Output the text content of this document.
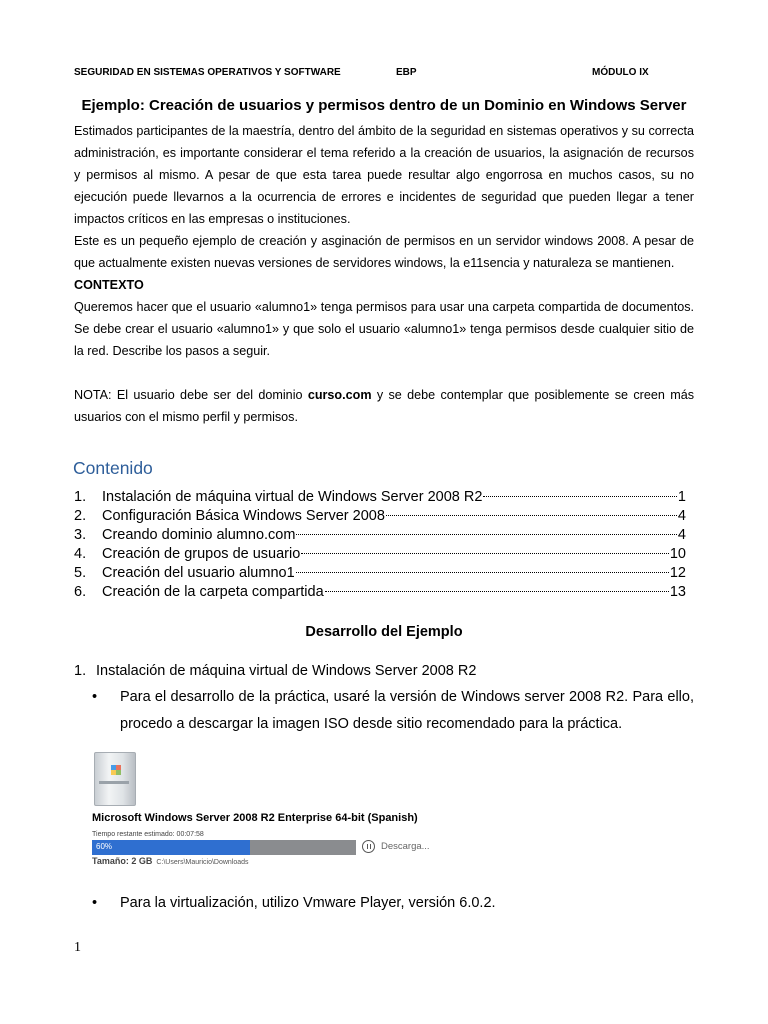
SEGURIDAD EN SISTEMAS OPERATIVOS Y SOFTWARE	EBP	MÓDULO IX
Ejemplo: Creación de usuarios y permisos dentro de un Dominio en Windows Server

Estimados participantes de la maestría, dentro del ámbito de la seguridad en sistemas operativos y su correcta administración, es importante considerar el tema referido a la creación de usuarios, la asignación de recursos y permisos al mismo. A pesar de que esta tarea puede resultar algo engorrosa en muchos casos, su no ejecución puede llevarnos a la ocurrencia de errores e incidentes de seguridad que pueden llegar a tener impactos críticos en las empresas o instituciones.

Este es un pequeño ejemplo de creación y asginación de permisos en un servidor windows 2008. A pesar de que actualmente existen nuevas versiones de servidores windows, la e11sencia y naturaleza se mantienen.

CONTEXTO

Queremos hacer que el usuario «alumno1» tenga permisos para usar una carpeta compartida de documentos. Se debe crear el usuario «alumno1» y que solo el usuario «alumno1» tenga permisos desde cualquier sitio de la red. Describe los pasos a seguir.

NOTA: El usuario debe ser del dominio curso.com y se debe contemplar que posiblemente se creen más usuarios con el mismo perfil y permisos.

Contenido
1.	Instalación de máquina virtual de Windows Server 2008 R2	1
2.	Configuración Básica Windows Server 2008	4
3.	Creando dominio alumno.com	4
4.	Creación de grupos de usuario	10
5.	Creación del usuario alumno1	12
6.	Creación de la carpeta compartida	13
Desarrollo del Ejemplo
1. Instalación de máquina virtual de Windows Server 2008 R2
•	Para el desarrollo de la práctica, usaré la versión de Windows server 2008 R2. Para ello, procedo a descargar la imagen ISO desde sitio recomendado para la práctica.
Microsoft Windows Server 2008 R2 Enterprise 64-bit (Spanish)
Tiempo restante estimado: 00:07:58
60%	Descarga...
Tamaño: 2 GB C:\Users\Mauricio\Downloads
•	Para la virtualización, utilizo Vmware Player, versión 6.0.2.
1
